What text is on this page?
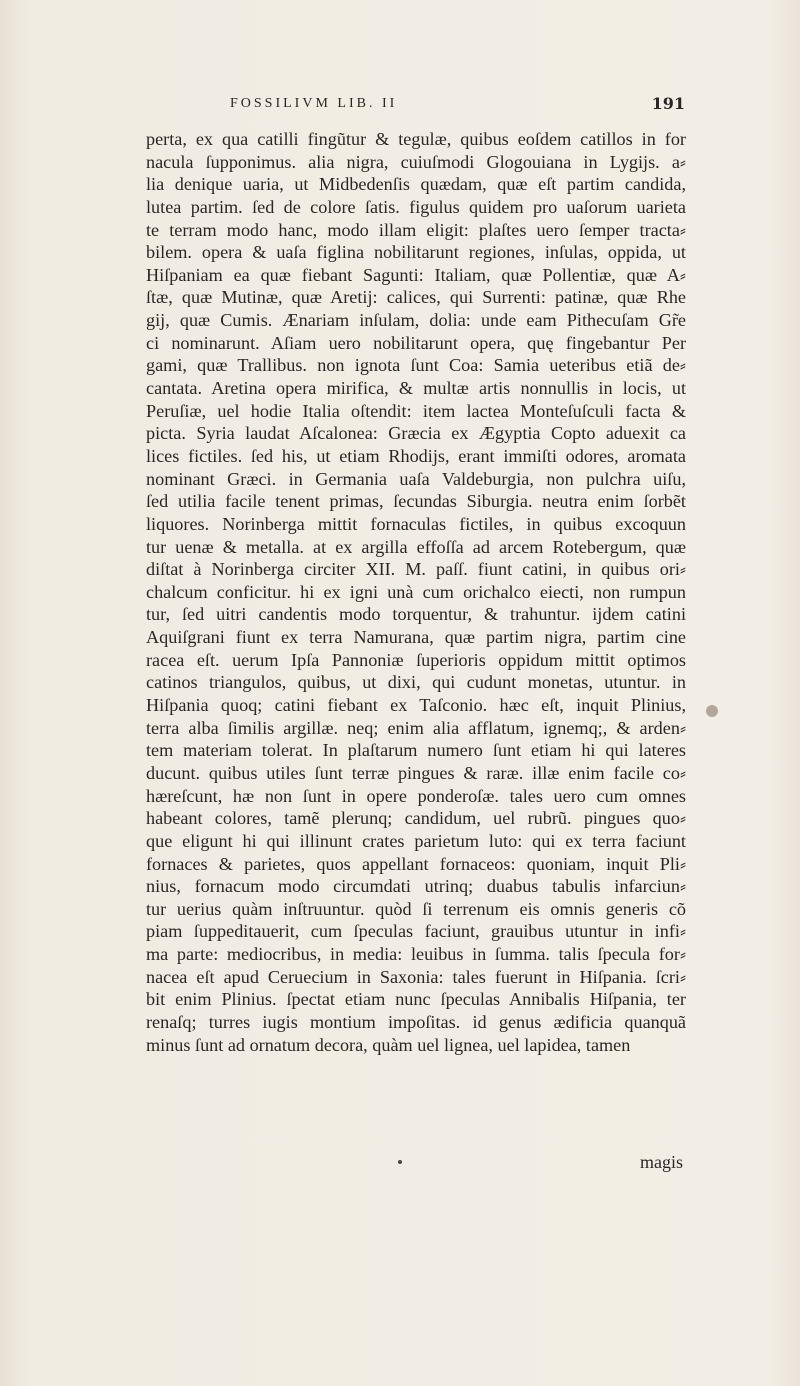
FOSSILIVM LIB. II	191
perta, ex qua catilli fingũtur & tegulæ, quibus eoſdem catillos in for
nacula ſupponimus. alia nigra, cuiuſmodi Glogouiana in Lygijs. a⸗
lia denique uaria, ut Midbedenſis quædam, quæ eſt partim candida,
lutea partim. ſed de colore ſatis. figulus quidem pro uaſorum uarieta
te terram modo hanc, modo illam eligit: plaſtes uero ſemper tracta⸗
bilem. opera & uaſa figlina nobilitarunt regiones, inſulas, oppida, ut
Hiſpaniam ea quæ fiebant Sagunti: Italiam, quæ Pollentiæ, quæ A⸗
ſtæ, quæ Mutinæ, quæ Aretij: calices, qui Surrenti: patinæ, quæ Rhe
gij, quæ Cumis. Ænariam inſulam, dolia: unde eam Pithecuſam Gr̃e
ci nominarunt. Aſiam uero nobilitarunt opera, quę fingebantur Per
gami, quæ Trallibus. non ignota ſunt Coa: Samia ueteribus etiã de⸗
cantata. Aretina opera mirifica, & multæ artis nonnullis in locis, ut
Peruſiæ, uel hodie Italia oſtendit: item lactea Monteſuſculi facta &
picta. Syria laudat Aſcalonea: Græcia ex Ægyptia Copto aduexit ca
lices fictiles. ſed his, ut etiam Rhodijs, erant immiſti odores, aromata
nominant Græci. in Germania uaſa Valdeburgia, non pulchra uiſu,
ſed utilia facile tenent primas, ſecundas Siburgia. neutra enim ſorbẽt
liquores. Norinberga mittit fornaculas fictiles, in quibus excoquun
tur uenæ & metalla. at ex argilla effoſſa ad arcem Rotebergum, quæ
diſtat à Norinberga circiter XII. M. paſſ. fiunt catini, in quibus ori⸗
chalcum conficitur. hi ex igni unà cum orichalco eiecti, non rumpun
tur, ſed uitri candentis modo torquentur, & trahuntur. ijdem catini
Aquiſgrani fiunt ex terra Namurana, quæ partim nigra, partim cine
racea eſt. uerum Ipſa Pannoniæ ſuperioris oppidum mittit optimos
catinos triangulos, quibus, ut dixi, qui cudunt monetas, utuntur. in
Hiſpania quoq; catini fiebant ex Taſconio. hæc eſt, inquit Plinius,
terra alba ſimilis argillæ. neq; enim alia afflatum, ignemq;, & arden⸗
tem materiam tolerat. In plaſtarum numero ſunt etiam hi qui lateres
ducunt. quibus utiles ſunt terræ pingues & raræ. illæ enim facile co⸗
hæreſcunt, hæ non ſunt in opere ponderoſæ. tales uero cum omnes
habeant colores, tamẽ plerunq; candidum, uel rubrũ. pingues quo⸗
que eligunt hi qui illinunt crates parietum luto: qui ex terra faciunt
fornaces & parietes, quos appellant fornaceos: quoniam, inquit Pli⸗
nius, fornacum modo circumdati utrinq; duabus tabulis infarciun⸗
tur uerius quàm inſtruuntur. quòd ſi terrenum eis omnis generis cõ
piam ſuppeditauerit, cum ſpeculas faciunt, grauibus utuntur in infi⸗
ma parte: mediocribus, in media: leuibus in ſumma. talis ſpecula for⸗
nacea eſt apud Ceruecium in Saxonia: tales fuerunt in Hiſpania. ſcri⸗
bit enim Plinius. ſpectat etiam nunc ſpeculas Annibalis Hiſpania, ter
renaſq; turres iugis montium impoſitas. id genus ædificia quanquã
minus ſunt ad ornatum decora, quàm uel lignea, uel lapidea, tamen
magis
